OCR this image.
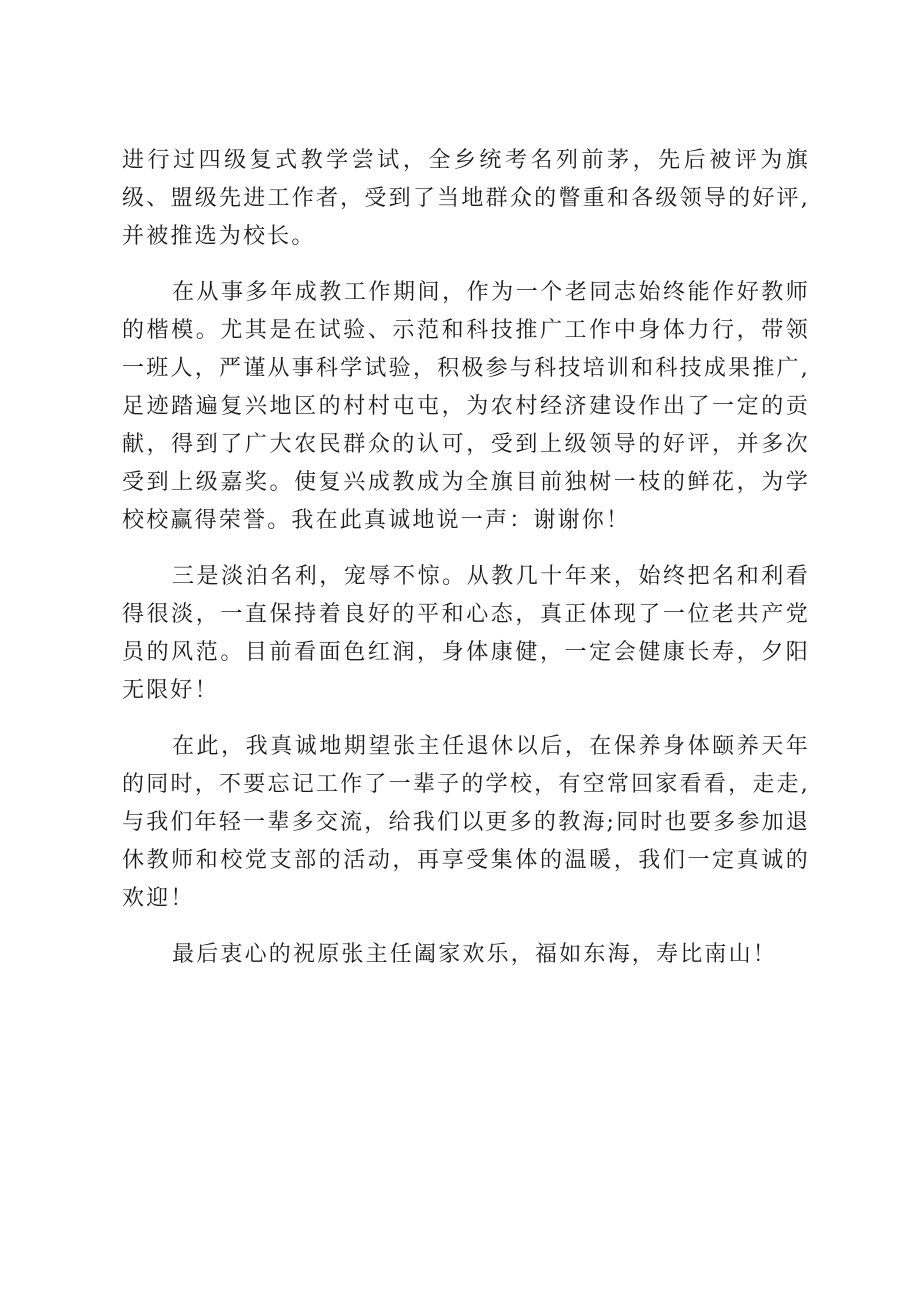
进行过四级复式教学尝试，全乡统考名列前茅，先后被评为旗级、盟级先进工作者，受到了当地群众的瞥重和各级领导的好评,并被推选为校长。

在从事多年成教工作期间，作为一个老同志始终能作好教师的楷模。尤其是在试验、示范和科技推广工作中身体力行，带领一班人，严谨从事科学试验，积极参与科技培训和科技成果推广,足迹踏遍复兴地区的村村屯屯，为农村经济建设作出了一定的贡献，得到了广大农民群众的认可，受到上级领导的好评，并多次受到上级嘉奖。使复兴成教成为全旗目前独树一枝的鲜花，为学校校赢得荣誉。我在此真诚地说一声：谢谢你！

三是淡泊名利，宠辱不惊。从教几十年来，始终把名和利看得很淡，一直保持着良好的平和心态，真正体现了一位老共产党员的风范。目前看面色红润，身体康健，一定会健康长寿，夕阳无限好！

在此，我真诚地期望张主任退休以后，在保养身体颐养天年的同时，不要忘记工作了一辈子的学校，有空常回家看看，走走,与我们年轻一辈多交流，给我们以更多的教海;同时也要多参加退休教师和校党支部的活动，再享受集体的温暖，我们一定真诚的欢迎！

最后衷心的祝原张主任阖家欢乐，福如东海，寿比南山！
